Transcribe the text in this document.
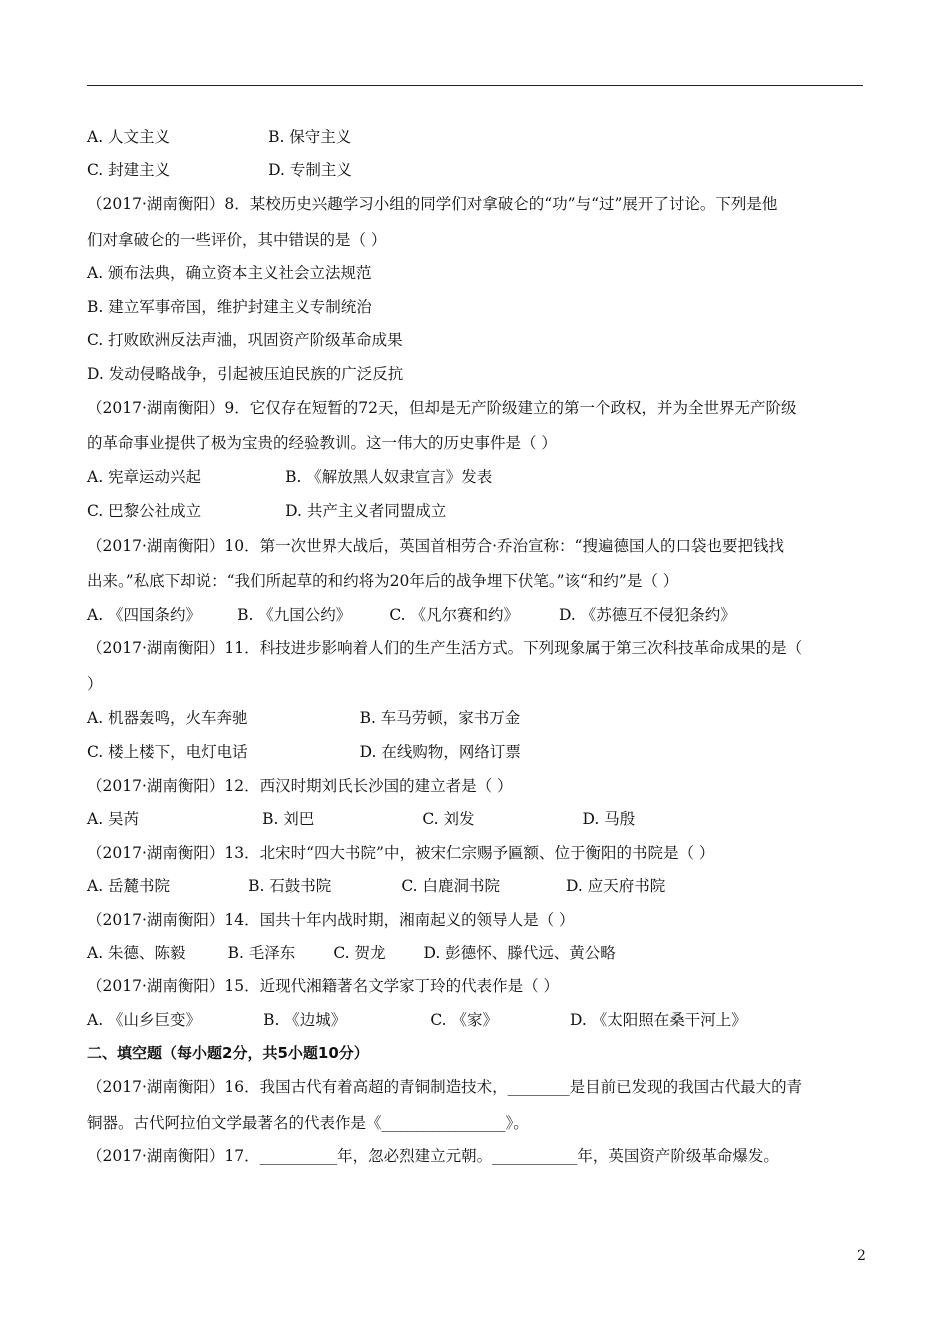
A. 人文主义	B. 保守主义
C. 封建主义	D. 专制主义
（2017·湖南衡阳）8．某校历史兴趣学习小组的同学们对拿破仑的“功”与“过”展开了讨论。下列是他
们对拿破仑的一些评价，其中错误的是（ ）
A. 颁布法典，确立资本主义社会立法规范
B. 建立军事帝国，维护封建主义专制统治
C. 打败欧洲反法声浀，巩固资产阶级革命成果
D. 发动侵略战争，引起被压迫民族的广泛反抗
（2017·湖南衡阳）9．它仅存在短暂的72天，但却是无产阶级建立的第一个政权，并为全世界无产阶级
的革命事业提供了极为宝贵的经验教训。这一伟大的历史事件是（ ）
A. 宪章运动兴起	B. 《解放黑人奴隶宣言》发表
C. 巴黎公社成立	D. 共产主义者同盟成立
（2017·湖南衡阳）10．第一次世界大战后，英国首相劳合·乔治宣称：“搜遍德国人的口袋也要把钱找
出来。”私底下却说：“我们所起草的和约将为20年后的战争埋下伏笔。”该“和约”是（ ）
A. 《四国条约》 B. 《九国公约》 C. 《凡尔赛和约》	D. 《苏德互不侵犯条约》
（2017·湖南衡阳）11．科技进步影响着人们的生产生活方式。下列现象属于第三次科技革命成果的是（
）
A. 机器轰鸣，火车奔驰	B. 车马劳顿，家书万金
C. 楼上楼下，电灯电话	D. 在线购物，网络订票
（2017·湖南衡阳）12．西汉时期刘氏长沙国的建立者是（ ）
A. 吴芮	B. 刘巴	C. 刘发	D. 马殷
（2017·湖南衡阳）13．北宋时“四大书院”中，被宋仁宗赐予匾额、位于衡阳的书院是（ ）
A. 岳麓书院	B. 石鼓书院	C. 白鹿洞书院	D. 应天府书院
（2017·湖南衡阳）14．国共十年内战时期，湘南起义的领导人是（ ）
A. 朱德、陈毅	B. 毛泽东 C. 贺龙 D. 彭德怀、滕代远、黄公略
（2017·湖南衡阳）15．近现代湘籍著名文学家丁玲的代表作是（ ）
A. 《山乡巨变》	B. 《边城》	C. 《家》	D. 《太阳照在桑干河上》
二、填空题（每小题2分，共5小题10分）
（2017·湖南衡阳）16．我国古代有着高超的青铜制造技术，________是目前已发现的我国古代最大的青
铜器。古代阿拉伯文学最著名的代表作是《________________》。
（2017·湖南衡阳）17．__________年，忽必烈建立元朝。___________年，英国资产阶级革命爆发。
2
